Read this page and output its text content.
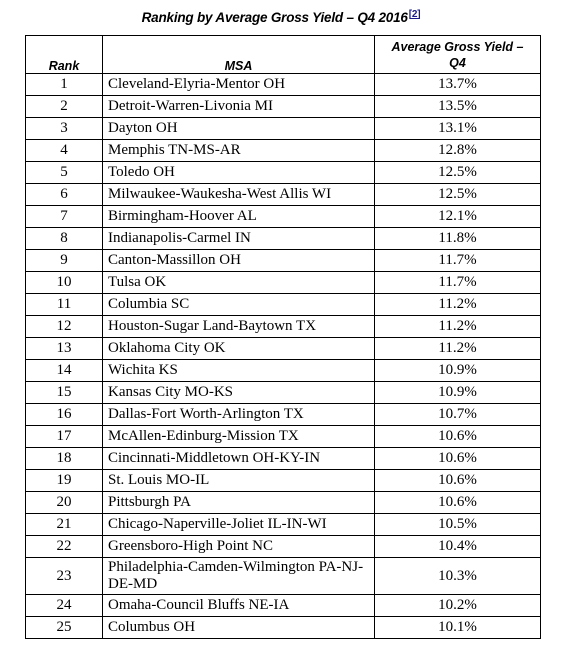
Ranking by Average Gross Yield – Q4 2016[2]
Rank	MSA	Average Gross Yield –
Q4
1	Cleveland-Elyria-Mentor OH	13.7%
2	Detroit-Warren-Livonia MI	13.5%
3	Dayton OH	13.1%
4	Memphis TN-MS-AR	12.8%
5	Toledo OH	12.5%
6	Milwaukee-Waukesha-West Allis WI	12.5%
7	Birmingham-Hoover AL	12.1%
8	Indianapolis-Carmel IN	11.8%
9	Canton-Massillon OH	11.7%
10	Tulsa OK	11.7%
11	Columbia SC	11.2%
12	Houston-Sugar Land-Baytown TX	11.2%
13	Oklahoma City OK	11.2%
14	Wichita KS	10.9%
15	Kansas City MO-KS	10.9%
16	Dallas-Fort Worth-Arlington TX	10.7%
17	McAllen-Edinburg-Mission TX	10.6%
18	Cincinnati-Middletown OH-KY-IN	10.6%
19	St. Louis MO-IL	10.6%
20	Pittsburgh PA	10.6%
21	Chicago-Naperville-Joliet IL-IN-WI	10.5%
22	Greensboro-High Point NC	10.4%
23	Philadelphia-Camden-Wilmington PA-NJ-DE-MD	10.3%
24	Omaha-Council Bluffs NE-IA	10.2%
25	Columbus OH	10.1%
